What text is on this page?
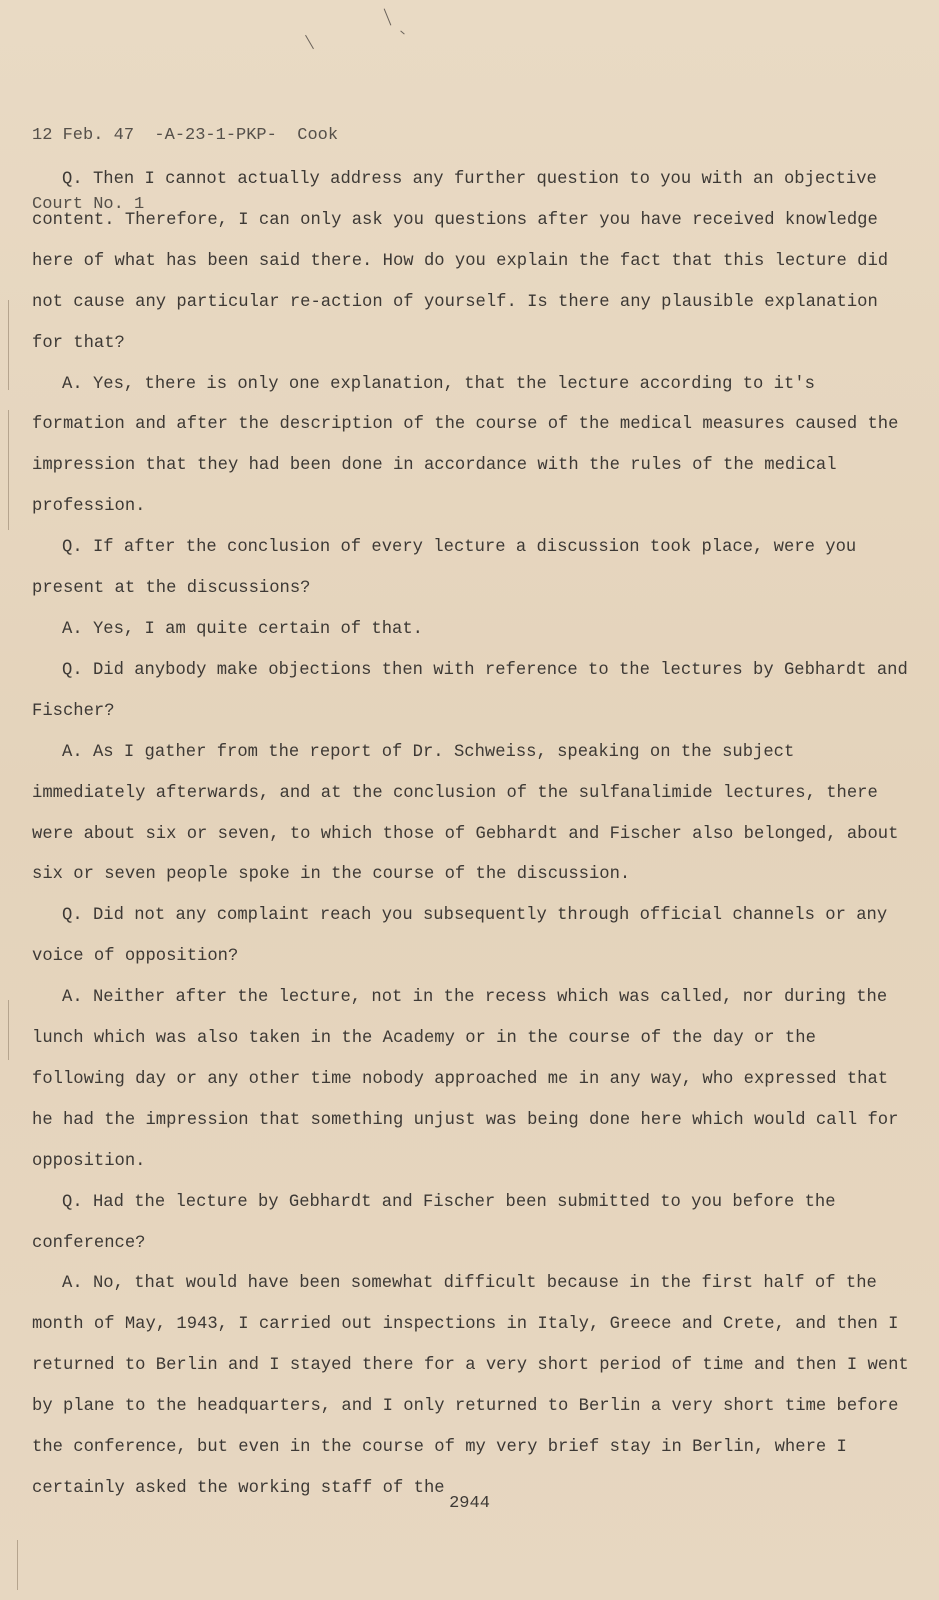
12 Feb. 47  -A-23-1-PKP-  Cook

Court No. 1

Q. Then I cannot actually address any further question to you with an objective content. Therefore, I can only ask you questions after you have received knowledge here of what has been said there. How do you explain the fact that this lecture did not cause any particular re-action of yourself. Is there any plausible explanation for that?

A. Yes, there is only one explanation, that the lecture according to it's formation and after the description of the course of the medical measures caused the impression that they had been done in accordance with the rules of the medical profession.

Q. If after the conclusion of every lecture a discussion took place, were you present at the discussions?

A. Yes, I am quite certain of that.

Q. Did anybody make objections then with reference to the lectures by Gebhardt and Fischer?

A. As I gather from the report of Dr. Schweiss, speaking on the subject immediately afterwards, and at the conclusion of the sulfanalimide lectures, there were about six or seven, to which those of Gebhardt and Fischer also belonged, about six or seven people spoke in the course of the discussion.

Q. Did not any complaint reach you subsequently through official channels or any voice of opposition?

A. Neither after the lecture, not in the recess which was called, nor during the lunch which was also taken in the Academy or in the course of the day or the following day or any other time nobody approached me in any way, who expressed that he had the impression that something unjust was being done here which would call for opposition.

Q. Had the lecture by Gebhardt and Fischer been submitted to you before the conference?

A. No, that would have been somewhat difficult because in the first half of the month of May, 1943, I carried out inspections in Italy, Greece and Crete, and then I returned to Berlin and I stayed there for a very short period of time and then I went by plane to the headquarters, and I only returned to Berlin a very short time before the conference, but even in the course of my very brief stay in Berlin, where I certainly asked the working staff of the

2944
